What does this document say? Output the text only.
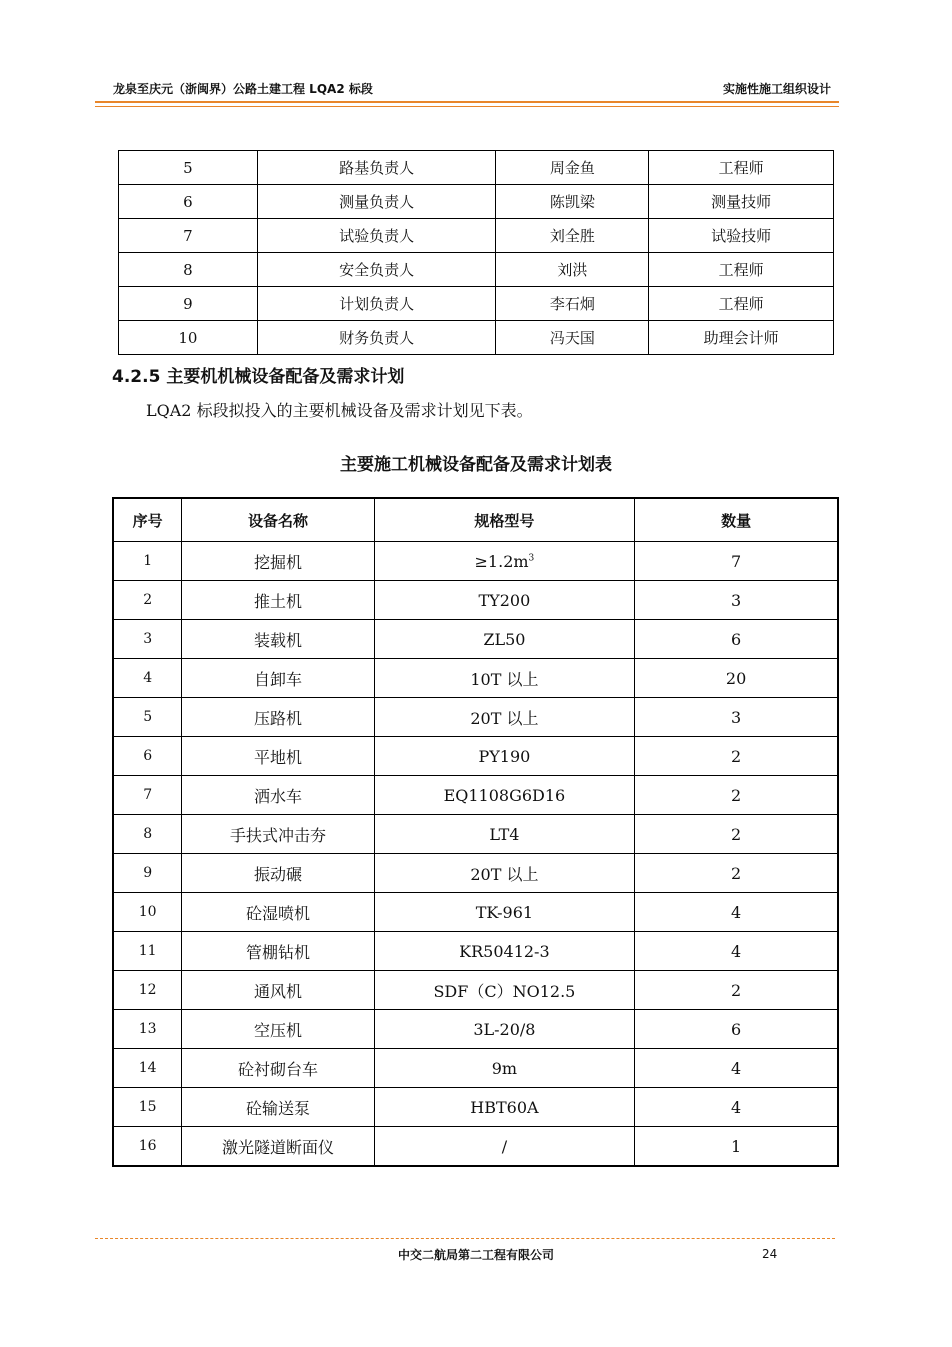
龙泉至庆元（浙闽界）公路土建工程 LQA2 标段	实施性施工组织设计
5	路基负责人	周金鱼	工程师
6	测量负责人	陈凯梁	测量技师
7	试验负责人	刘全胜	试验技师
8	安全负责人	刘洪	工程师
9	计划负责人	李石炯	工程师
10	财务负责人	冯天国	助理会计师
4.2.5 主要机机械设备配备及需求计划
LQA2 标段拟投入的主要机械设备及需求计划见下表。
主要施工机械设备配备及需求计划表
序号	设备名称	规格型号	数量
1	挖掘机	$\ge 1.2m^3$	7
2	推土机	TY200	3
3	装载机	ZL50	6
4	自卸车	10T 以上	20
5	压路机	20T 以上	3
6	平地机	PY190	2
7	洒水车	EQ1108G6D16	2
8	手扶式冲击夯	LT4	2
9	振动碾	20T 以上	2
10	砼湿喷机	TK-961	4
11	管棚钻机	KR50412-3	4
12	通风机	SDF（C）NO12.5	2
13	空压机	3L-20/8	6
14	砼衬砌台车	9m	4
15	砼输送泵	HBT60A	4
16	激光隧道断面仪	/	1
中交二航局第二工程有限公司	24
